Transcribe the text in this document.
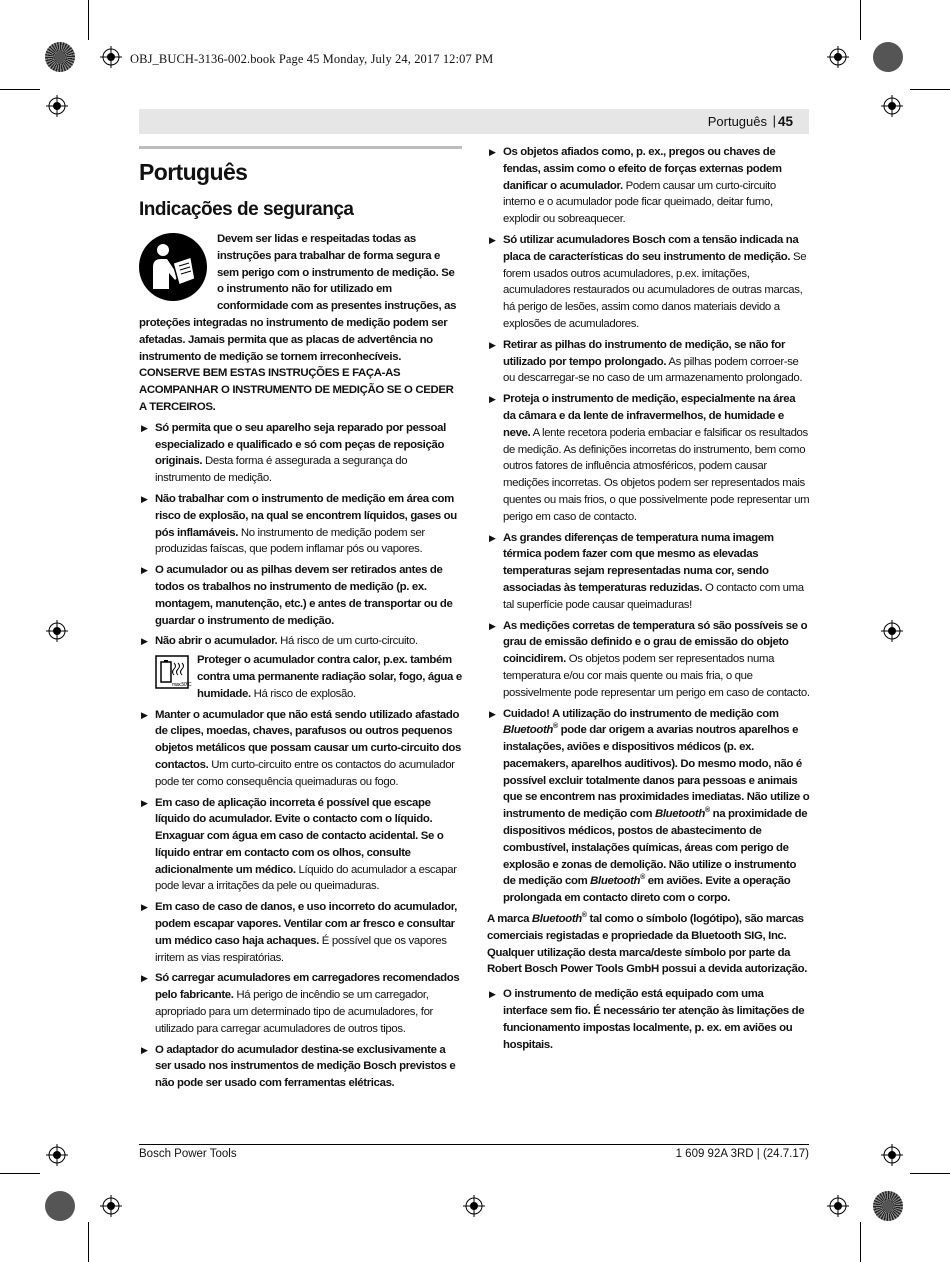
OBJ_BUCH-3136-002.book Page 45 Monday, July 24, 2017 12:07 PM
Português | 45
Português
Indicações de segurança
Devem ser lidas e respeitadas todas as instruções para trabalhar de forma segura e sem perigo com o instrumento de medição. Se o instrumento não for utilizado em conformidade com as presentes instruções, as proteções integradas no instrumento de medição podem ser afetadas. Jamais permita que as placas de advertência no instrumento de medição se tornem irreconhecíveis. CONSERVE BEM ESTAS INSTRUÇÕES E FAÇA-AS ACOMPANHAR O INSTRUMENTO DE MEDIÇÃO SE O CEDER A TERCEIROS.
▶ Só permita que o seu aparelho seja reparado por pessoal especializado e qualificado e só com peças de reposição originais. Desta forma é assegurada a segurança do instrumento de medição.
▶ Não trabalhar com o instrumento de medição em área com risco de explosão, na qual se encontrem líquidos, gases ou pós inflamáveis. No instrumento de medição podem ser produzidas faíscas, que podem inflamar pós ou vapores.
▶ O acumulador ou as pilhas devem ser retirados antes de todos os trabalhos no instrumento de medição (p. ex. montagem, manutenção, etc.) e antes de transportar ou de guardar o instrumento de medição.
▶ Não abrir o acumulador. Há risco de um curto-circuito.
max.50°C
Proteger o acumulador contra calor, p.ex. também contra uma permanente radiação solar, fogo, água e humidade. Há risco de explosão.
▶ Manter o acumulador que não está sendo utilizado afastado de clipes, moedas, chaves, parafusos ou outros pequenos objetos metálicos que possam causar um curto-circuito dos contactos. Um curto-circuito entre os contactos do acumulador pode ter como consequência queimaduras ou fogo.
▶ Em caso de aplicação incorreta é possível que escape líquido do acumulador. Evite o contacto com o líquido. Enxaguar com água em caso de contacto acidental. Se o líquido entrar em contacto com os olhos, consulte adicionalmente um médico. Líquido do acumulador a escapar pode levar a irritações da pele ou queimaduras.
▶ Em caso de caso de danos, e uso incorreto do acumulador, podem escapar vapores. Ventilar com ar fresco e consultar um médico caso haja achaques. É possível que os vapores irritem as vias respiratórias.
▶ Só carregar acumuladores em carregadores recomendados pelo fabricante. Há perigo de incêndio se um carregador, apropriado para um determinado tipo de acumuladores, for utilizado para carregar acumuladores de outros tipos.
▶ O adaptador do acumulador destina-se exclusivamente a ser usado nos instrumentos de medição Bosch previstos e não pode ser usado com ferramentas elétricas.
▶ Os objetos afiados como, p. ex., pregos ou chaves de fendas, assim como o efeito de forças externas podem danificar o acumulador. Podem causar um curto-circuito interno e o acumulador pode ficar queimado, deitar fumo, explodir ou sobreaquecer.
▶ Só utilizar acumuladores Bosch com a tensão indicada na placa de características do seu instrumento de medição. Se forem usados outros acumuladores, p.ex. imitações, acumuladores restaurados ou acumuladores de outras marcas, há perigo de lesões, assim como danos materiais devido a explosões de acumuladores.
▶ Retirar as pilhas do instrumento de medição, se não for utilizado por tempo prolongado. As pilhas podem corroer-se ou descarregar-se no caso de um armazenamento prolongado.
▶ Proteja o instrumento de medição, especialmente na área da câmara e da lente de infravermelhos, de humidade e neve. A lente recetora poderia embaciar e falsificar os resultados de medição. As definições incorretas do instrumento, bem como outros fatores de influência atmosféricos, podem causar medições incorretas. Os objetos podem ser representados mais quentes ou mais frios, o que possivelmente pode representar um perigo em caso de contacto.
▶ As grandes diferenças de temperatura numa imagem térmica podem fazer com que mesmo as elevadas temperaturas sejam representadas numa cor, sendo associadas às temperaturas reduzidas. O contacto com uma tal superfície pode causar queimaduras!
▶ As medições corretas de temperatura só são possíveis se o grau de emissão definido e o grau de emissão do objeto coincidirem. Os objetos podem ser representados numa temperatura e/ou cor mais quente ou mais fria, o que possivelmente pode representar um perigo em caso de contacto.
▶ Cuidado! A utilização do instrumento de medição com Bluetooth® pode dar origem a avarias noutros aparelhos e instalações, aviões e dispositivos médicos (p. ex. pacemakers, aparelhos auditivos). Do mesmo modo, não é possível excluir totalmente danos para pessoas e animais que se encontrem nas proximidades imediatas. Não utilize o instrumento de medição com Bluetooth® na proximidade de dispositivos médicos, postos de abastecimento de combustível, instalações químicas, áreas com perigo de explosão e zonas de demolição. Não utilize o instrumento de medição com Bluetooth® em aviões. Evite a operação prolongada em contacto direto com o corpo.

A marca Bluetooth® tal como o símbolo (logótipo), são marcas comerciais registadas e propriedade da Bluetooth SIG, Inc. Qualquer utilização desta marca/deste símbolo por parte da Robert Bosch Power Tools GmbH possui a devida autorização.

▶ O instrumento de medição está equipado com uma interface sem fio. É necessário ter atenção às limitações de funcionamento impostas localmente, p. ex. em aviões ou hospitais.
Bosch Power Tools	1 609 92A 3RD | (24.7.17)
